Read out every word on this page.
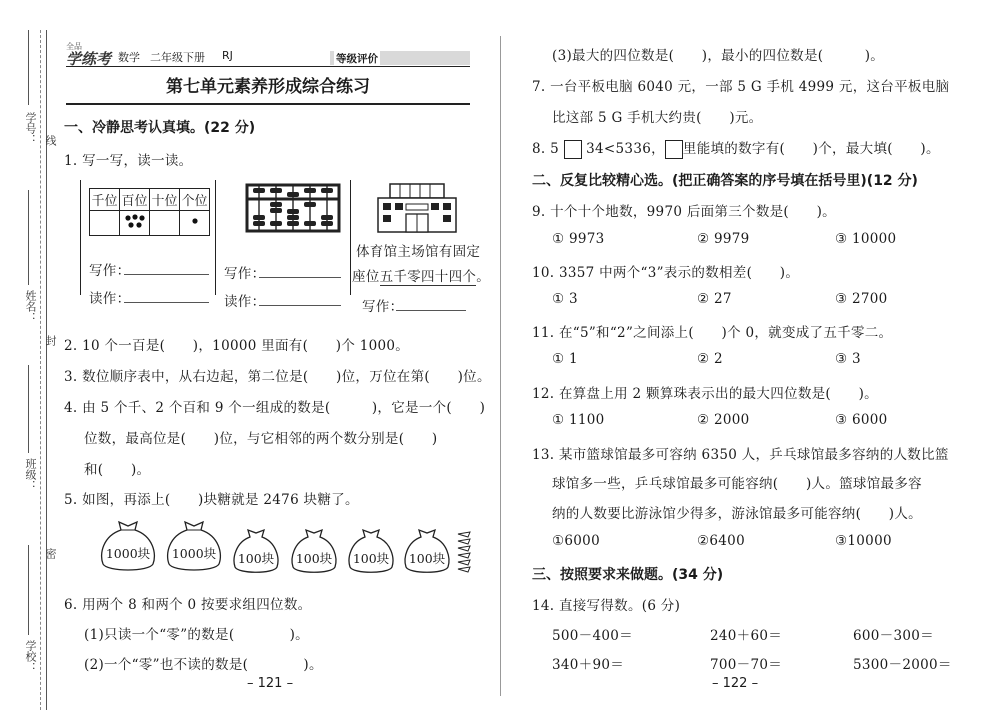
线
封
密
学号：
姓名：
班级：
学校：
全品
学练考 数学 二年级下册 RJ	等级评价
第七单元素养形成综合练习
一、冷静思考认真填。(22 分)
1. 写一写，读一读。
千位	百位	十位	个位

写作：
读作：
写作：
读作：
体育馆主场馆有固定
座位五千零四十四个。
写作：
2. 10 个一百是(　　)，10000 里面有(　　)个 1000。
3. 数位顺序表中，从右边起，第二位是(　　)位，万位在第(　　)位。
4. 由 5 个千、2 个百和 9 个一组成的数是(　　　)，它是一个(　　)
位数，最高位是(　　)位，与它相邻的两个数分别是(　　)
和(　　)。
5. 如图，再添上(　　)块糖就是 2476 块糖了。
1000块	1000块	100块	100块	100块	100块
6. 用两个 8 和两个 0 按要求组四位数。
(1)只读一个“零”的数是(　　　　)。
(2)一个“零”也不读的数是(　　　　)。
– 121 –
(3)最大的四位数是(　　)，最小的四位数是(　　　)。
7. 一台平板电脑 6040 元，一部 5 G 手机 4999 元，这台平板电脑
比这部 5 G 手机大约贵(　　)元。
8. 5 34<5336， 里能填的数字有(　　)个，最大填(　　)。
二、反复比较精心选。(把正确答案的序号填在括号里)(12 分)
9. 十个十个地数，9970 后面第三个数是(　　)。
① 9973	② 9979	③ 10000
10. 3357 中两个“3”表示的数相差(　　)。
① 3	② 27	③ 2700
11. 在“5”和“2”之间添上(　　)个 0，就变成了五千零二。
① 1	② 2	③ 3
12. 在算盘上用 2 颗算珠表示出的最大四位数是(　　)。
① 1100	② 2000	③ 6000
13. 某市篮球馆最多可容纳 6350 人，乒乓球馆最多容纳的人数比篮
球馆多一些，乒乓球馆最多可能容纳(　　)人。篮球馆最多容
纳的人数要比游泳馆少得多，游泳馆最多可能容纳(　　)人。
①6000	②6400	③10000
三、按照要求来做题。(34 分)
14. 直接写得数。(6 分)
500－400＝	240＋60＝	600－300＝
340＋90＝	700－70＝	5300－2000＝
– 122 –
